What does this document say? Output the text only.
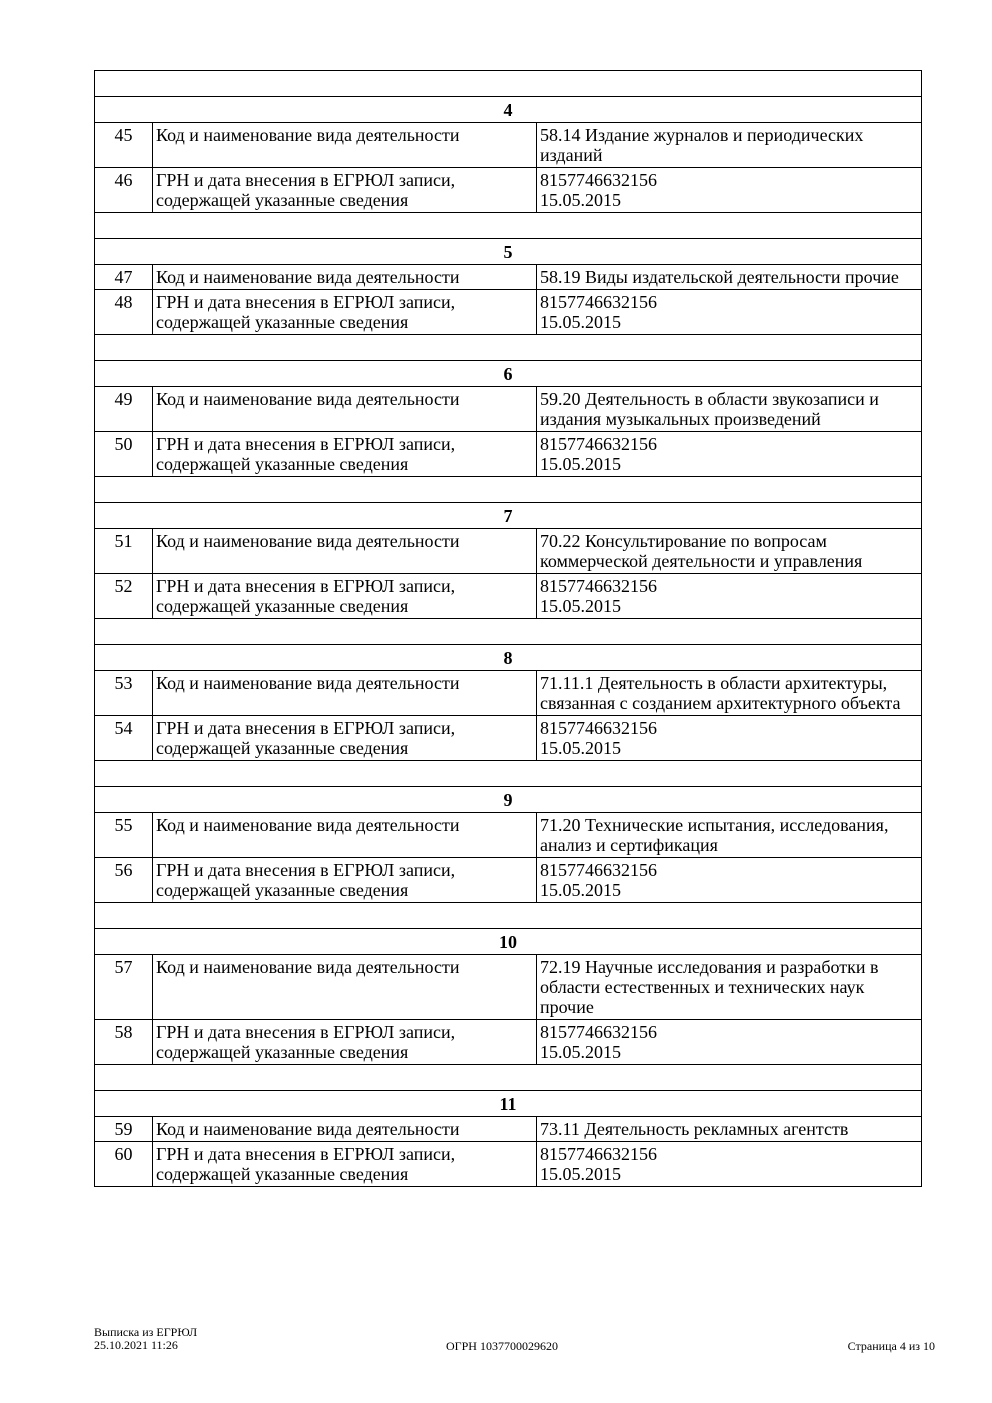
4		
45	Код и наименование вида деятельности	58.14 Издание журналов и периодических изданий
46	ГРН и дата внесения в ЕГРЮЛ записи, содержащей указанные сведения	8157746632156
15.05.2015

5		
47	Код и наименование вида деятельности	58.19 Виды издательской деятельности прочие
48	ГРН и дата внесения в ЕГРЮЛ записи, содержащей указанные сведения	8157746632156
15.05.2015

6		
49	Код и наименование вида деятельности	59.20 Деятельность в области звукозаписи и издания музыкальных произведений
50	ГРН и дата внесения в ЕГРЮЛ записи, содержащей указанные сведения	8157746632156
15.05.2015

7		
51	Код и наименование вида деятельности	70.22 Консультирование по вопросам коммерческой деятельности и управления
52	ГРН и дата внесения в ЕГРЮЛ записи, содержащей указанные сведения	8157746632156
15.05.2015

8		
53	Код и наименование вида деятельности	71.11.1 Деятельность в области архитектуры, связанная с созданием архитектурного объекта
54	ГРН и дата внесения в ЕГРЮЛ записи, содержащей указанные сведения	8157746632156
15.05.2015

9		
55	Код и наименование вида деятельности	71.20 Технические испытания, исследования, анализ и сертификация
56	ГРН и дата внесения в ЕГРЮЛ записи, содержащей указанные сведения	8157746632156
15.05.2015

10		
57	Код и наименование вида деятельности	72.19 Научные исследования и разработки в области естественных и технических наук прочие
58	ГРН и дата внесения в ЕГРЮЛ записи, содержащей указанные сведения	8157746632156
15.05.2015

11		
59	Код и наименование вида деятельности	73.11 Деятельность рекламных агентств
60	ГРН и дата внесения в ЕГРЮЛ записи, содержащей указанные сведения	8157746632156
15.05.2015
Выписка из ЕГРЮЛ
25.10.2021 11:26	ОГРН 1037700029620	Страница 4 из 10
